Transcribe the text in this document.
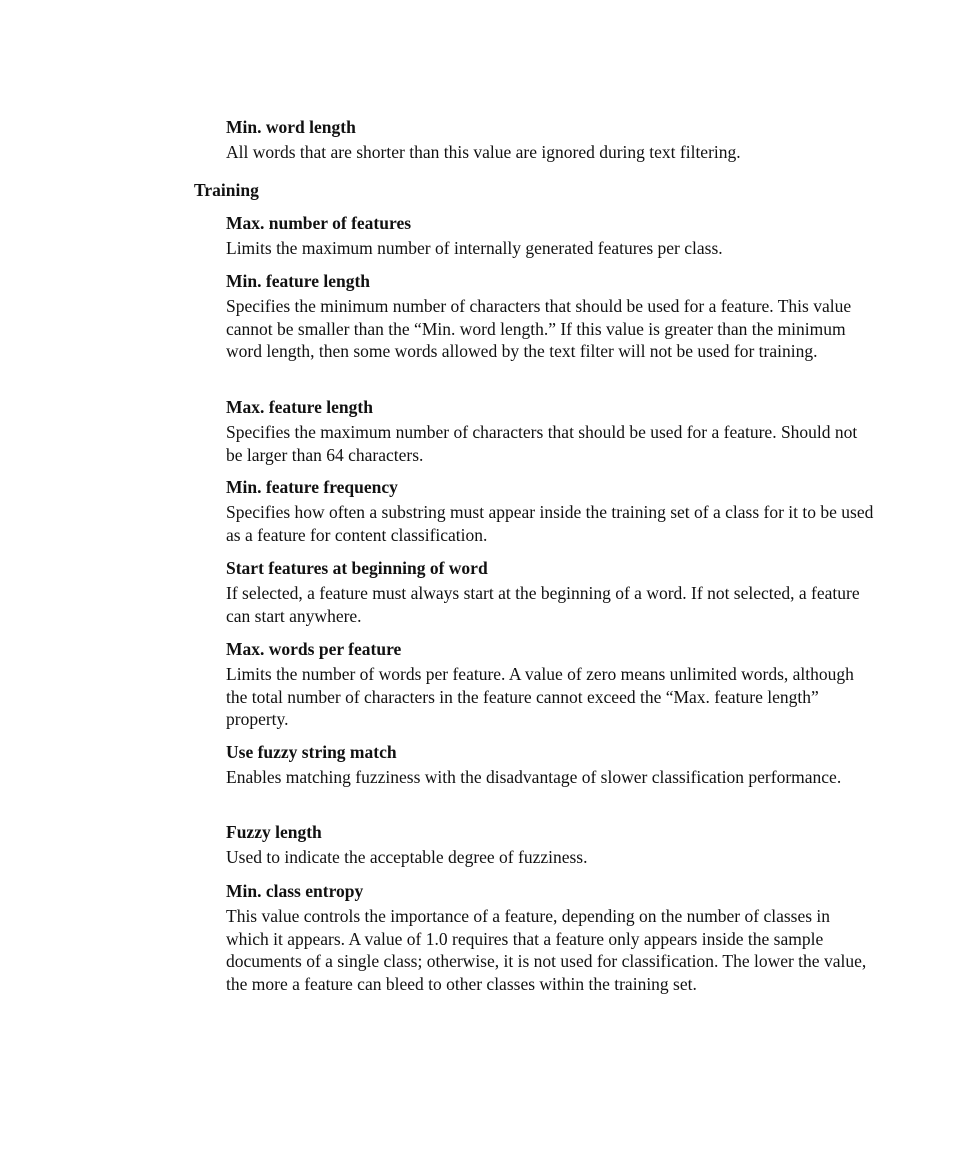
Min. word length

All words that are shorter than this value are ignored during text filtering.

Training

Max. number of features

Limits the maximum number of internally generated features per class.

Min. feature length

Specifies the minimum number of characters that should be used for a feature. This value cannot be smaller than the “Min. word length.” If this value is greater than the minimum word length, then some words allowed by the text filter will not be used for training.

Max. feature length

Specifies the maximum number of characters that should be used for a feature. Should not be larger than 64 characters.

Min. feature frequency

Specifies how often a substring must appear inside the training set of a class for it to be used as a feature for content classification.

Start features at beginning of word

If selected, a feature must always start at the beginning of a word. If not selected, a feature can start anywhere.

Max. words per feature

Limits the number of words per feature. A value of zero means unlimited words, although the total number of characters in the feature cannot exceed the “Max. feature length” property.

Use fuzzy string match

Enables matching fuzziness with the disadvantage of slower classification performance.

Fuzzy length

Used to indicate the acceptable degree of fuzziness.

Min. class entropy

This value controls the importance of a feature, depending on the number of classes in which it appears. A value of 1.0 requires that a feature only appears inside the sample documents of a single class; otherwise, it is not used for classification. The lower the value, the more a feature can bleed to other classes within the training set.
